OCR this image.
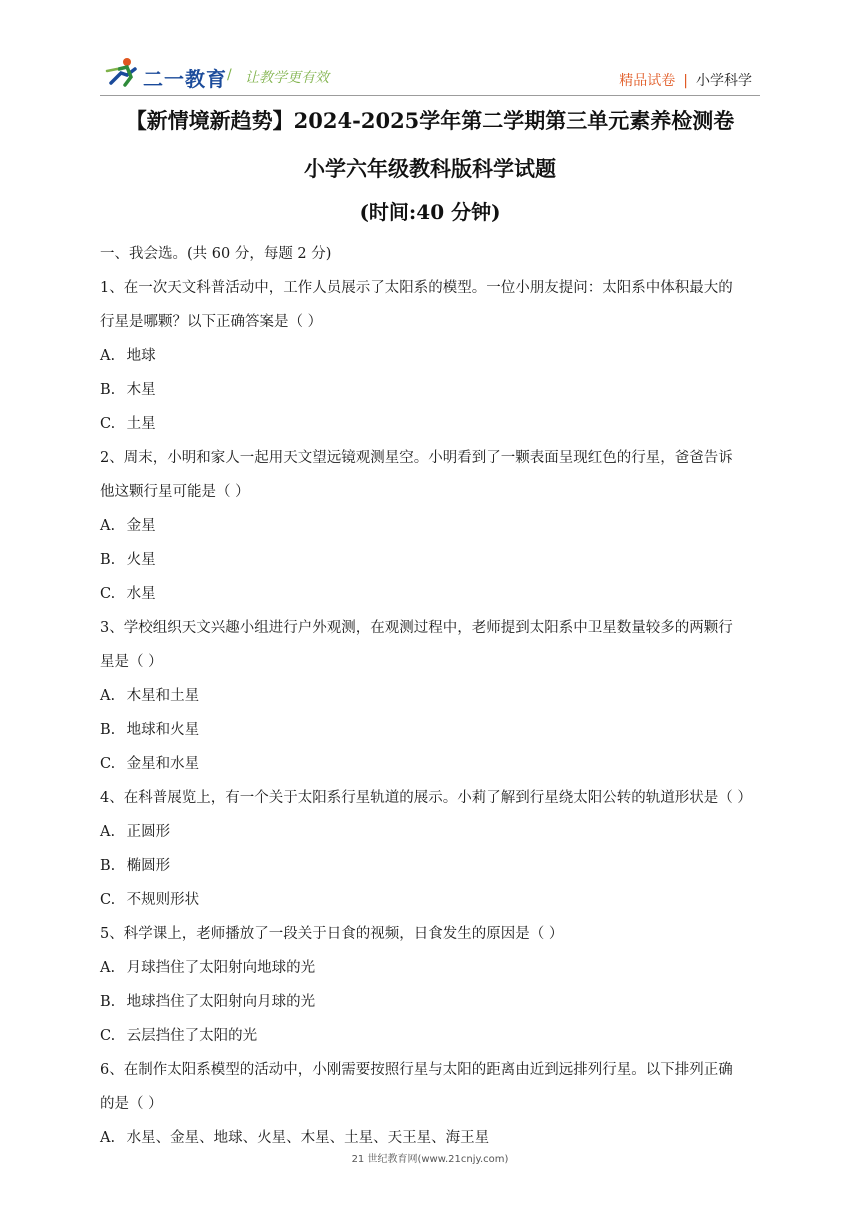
二一教育 / 让教学更有效	精品试卷 | 小学科学
【新情境新趋势】2024-2025学年第二学期第三单元素养检测卷
小学六年级教科版科学试题
(时间:40 分钟)
一、我会选。(共 60 分，每题 2 分)
1、在一次天文科普活动中，工作人员展示了太阳系的模型。一位小朋友提问：太阳系中体积最大的
行星是哪颗？以下正确答案是（ ）
A. 地球
B. 木星
C. 土星
2、周末，小明和家人一起用天文望远镜观测星空。小明看到了一颗表面呈现红色的行星，爸爸告诉
他这颗行星可能是（ ）
A. 金星
B. 火星
C. 水星
3、学校组织天文兴趣小组进行户外观测，在观测过程中，老师提到太阳系中卫星数量较多的两颗行
星是（ ）
A. 木星和土星
B. 地球和火星
C. 金星和水星
4、在科普展览上，有一个关于太阳系行星轨道的展示。小莉了解到行星绕太阳公转的轨道形状是（ ）
A. 正圆形
B. 椭圆形
C. 不规则形状
5、科学课上，老师播放了一段关于日食的视频，日食发生的原因是（ ）
A. 月球挡住了太阳射向地球的光
B. 地球挡住了太阳射向月球的光
C. 云层挡住了太阳的光
6、在制作太阳系模型的活动中，小刚需要按照行星与太阳的距离由近到远排列行星。以下排列正确
的是（ ）
A. 水星、金星、地球、火星、木星、土星、天王星、海王星
21 世纪教育网(www.21cnjy.com)
